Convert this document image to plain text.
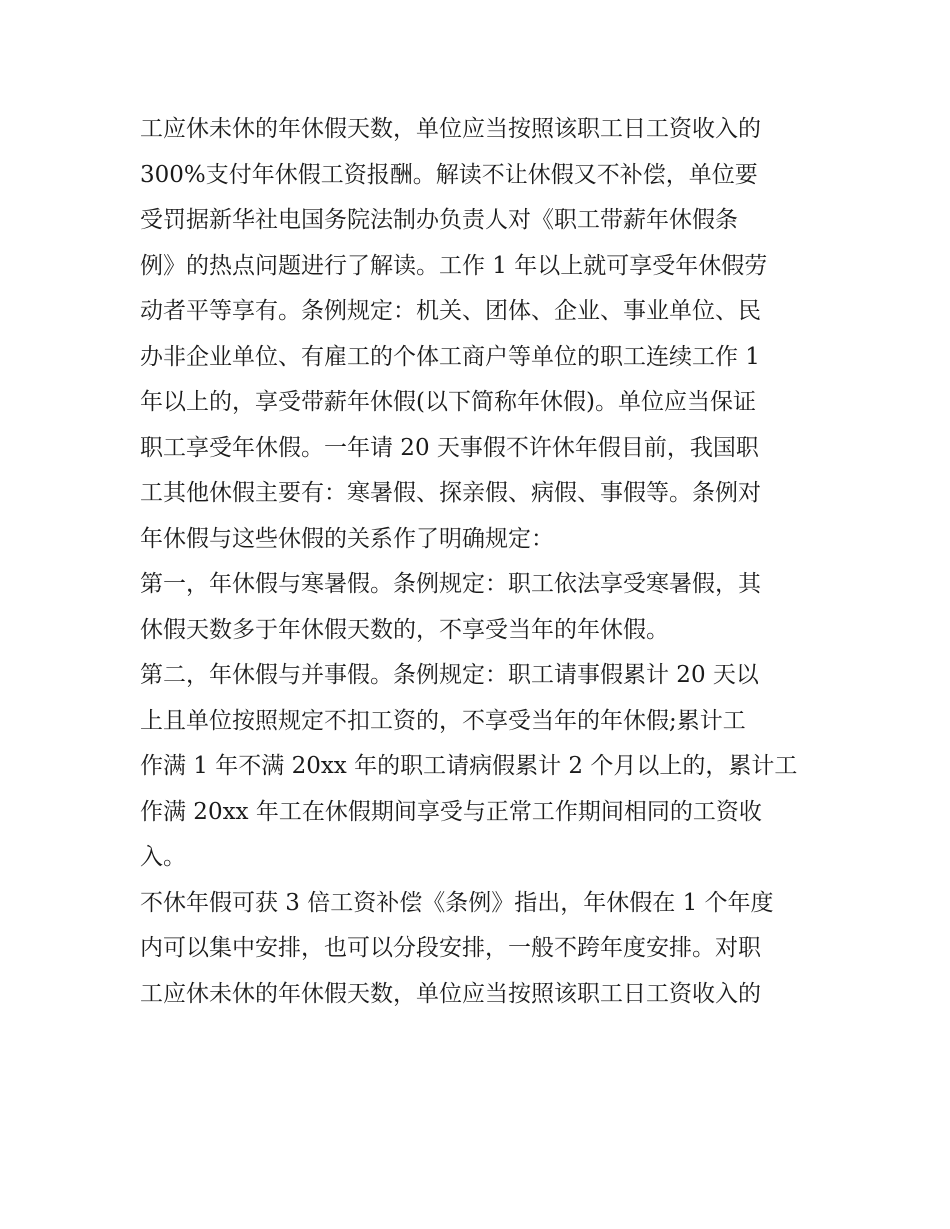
工应休未休的年休假天数，单位应当按照该职工日工资收入的
300%支付年休假工资报酬。解读不让休假又不补偿，单位要
受罚据新华社电国务院法制办负责人对《职工带薪年休假条
例》的热点问题进行了解读。工作 1 年以上就可享受年休假劳
动者平等享有。条例规定：机关、团体、企业、事业单位、民
办非企业单位、有雇工的个体工商户等单位的职工连续工作 1
年以上的，享受带薪年休假(以下简称年休假)。单位应当保证
职工享受年休假。一年请 20 天事假不许休年假目前，我国职
工其他休假主要有：寒暑假、探亲假、病假、事假等。条例对
年休假与这些休假的关系作了明确规定：
第一，年休假与寒暑假。条例规定：职工依法享受寒暑假，其
休假天数多于年休假天数的，不享受当年的年休假。
第二，年休假与并事假。条例规定：职工请事假累计 20 天以
上且单位按照规定不扣工资的，不享受当年的年休假;累计工
作满 1 年不满 20xx 年的职工请病假累计 2 个月以上的，累计工
作满 20xx 年工在休假期间享受与正常工作期间相同的工资收
入。
不休年假可获 3 倍工资补偿《条例》指出，年休假在 1 个年度
内可以集中安排，也可以分段安排，一般不跨年度安排。对职
工应休未休的年休假天数，单位应当按照该职工日工资收入的
